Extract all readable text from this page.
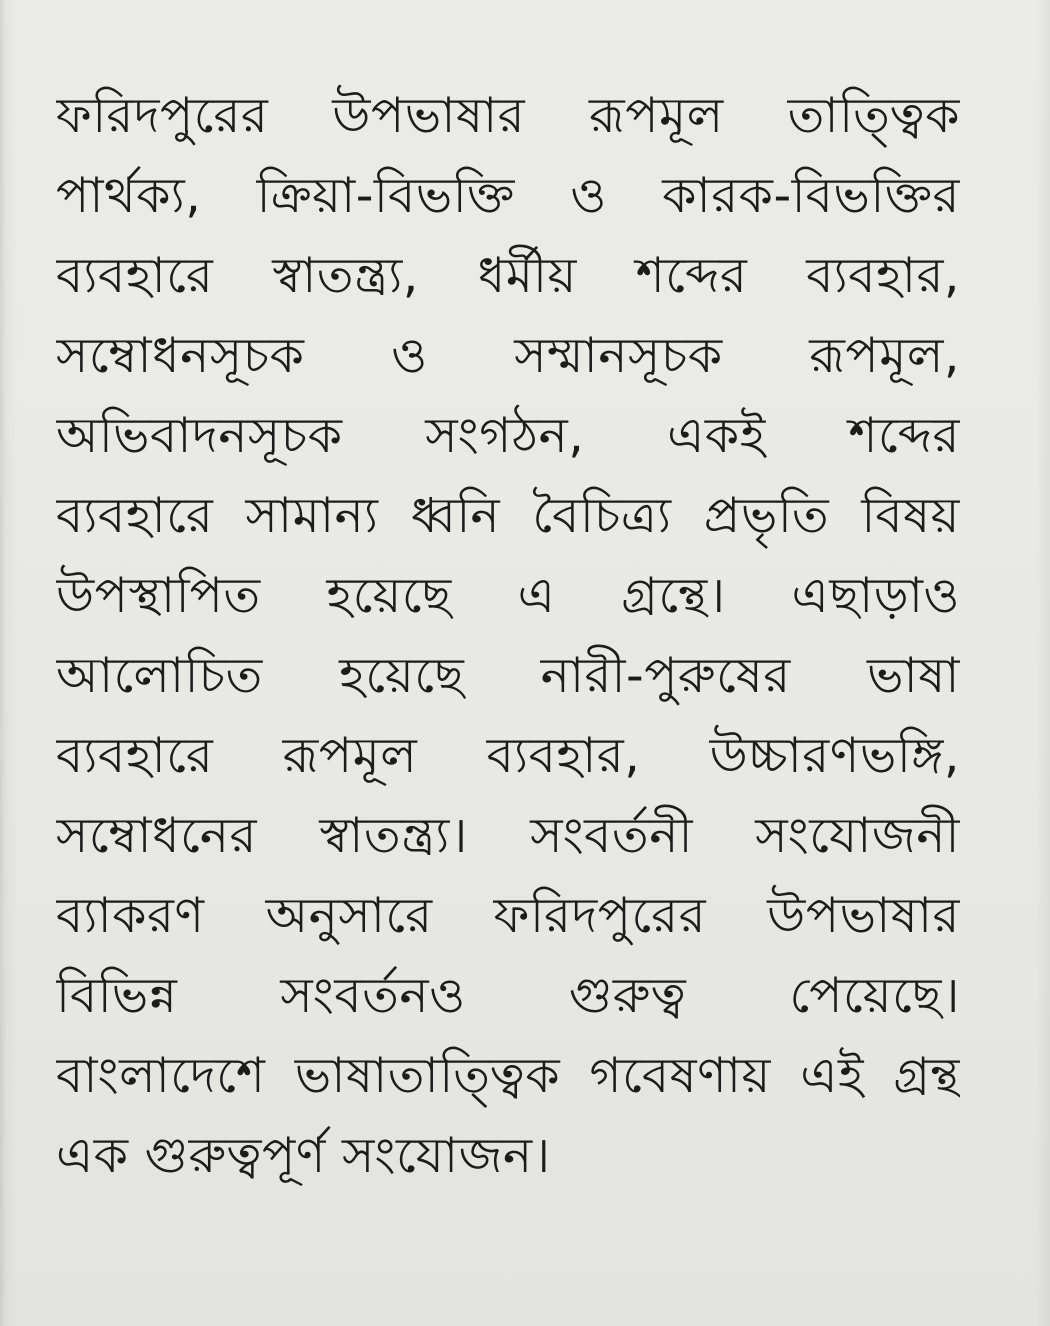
ফরিদপুরের উপভাষার রূপমূল তাত্ত্বিক
পার্থক্য, ক্রিয়া-বিভক্তি ও কারক-বিভক্তির
ব্যবহারে স্বাতন্ত্র্য, ধর্মীয় শব্দের ব্যবহার,
সম্বোধনসূচক ও সম্মানসূচক রূপমূল,
অভিবাদনসূচক সংগঠন, একই শব্দের
ব্যবহারে সামান্য ধ্বনি বৈচিত্র্য প্রভৃতি বিষয়
উপস্থাপিত হয়েছে এ গ্রন্থে। এছাড়াও
আলোচিত হয়েছে নারী-পুরুষের ভাষা
ব্যবহারে রূপমূল ব্যবহার, উচ্চারণভঙ্গি,
সম্বোধনের স্বাতন্ত্র্য। সংবর্তনী সংযোজনী
ব্যাকরণ অনুসারে ফরিদপুরের উপভাষার
বিভিন্ন সংবর্তনও গুরুত্ব পেয়েছে।
বাংলাদেশে ভাষাতাত্ত্বিক গবেষণায় এই গ্রন্থ
এক গুরুত্বপূর্ণ সংযোজন।
